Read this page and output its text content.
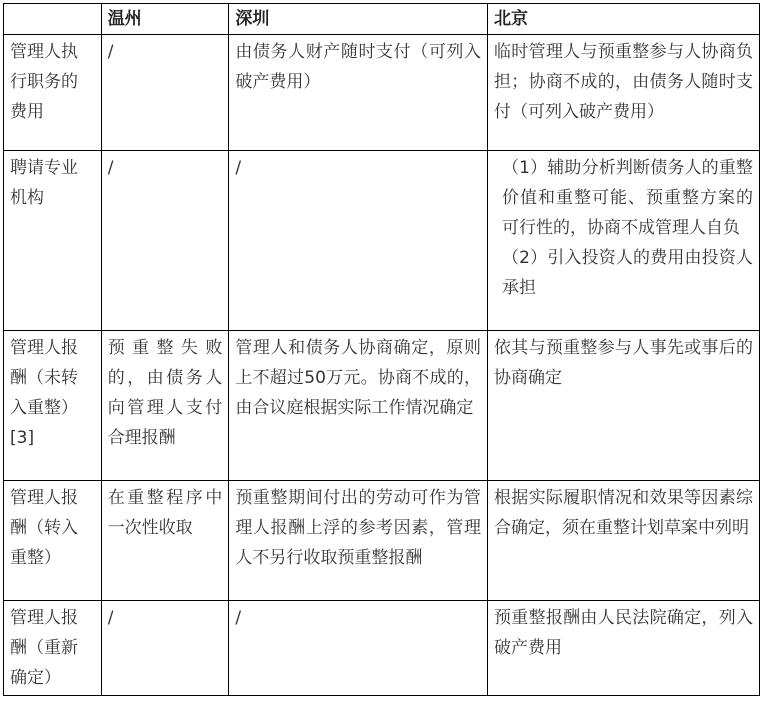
	温州	深圳	北京
管理人执行职务的费用	/	由债务人财产随时支付（可列入破产费用）	临时管理人与预重整参与人协商负担；协商不成的，由债务人随时支付（可列入破产费用）
聘请专业机构	/	/	（1）辅助分析判断债务人的重整价值和重整可能、预重整方案的可行性的，协商不成管理人自负
（2）引入投资人的费用由投资人承担

管理人报酬（未转入重整）[3]	预重整失败的，由债务人向管理人支付合理报酬	管理人和债务人协商确定，原则上不超过50万元。协商不成的，由合议庭根据实际工作情况确定	依其与预重整参与人事先或事后的协商确定
管理人报酬（转入重整）	在重整程序中一次性收取	预重整期间付出的劳动可作为管理人报酬上浮的参考因素，管理人不另行收取预重整报酬	根据实际履职情况和效果等因素综合确定，须在重整计划草案中列明
管理人报酬（重新确定）	/	/	预重整报酬由人民法院确定，列入破产费用
